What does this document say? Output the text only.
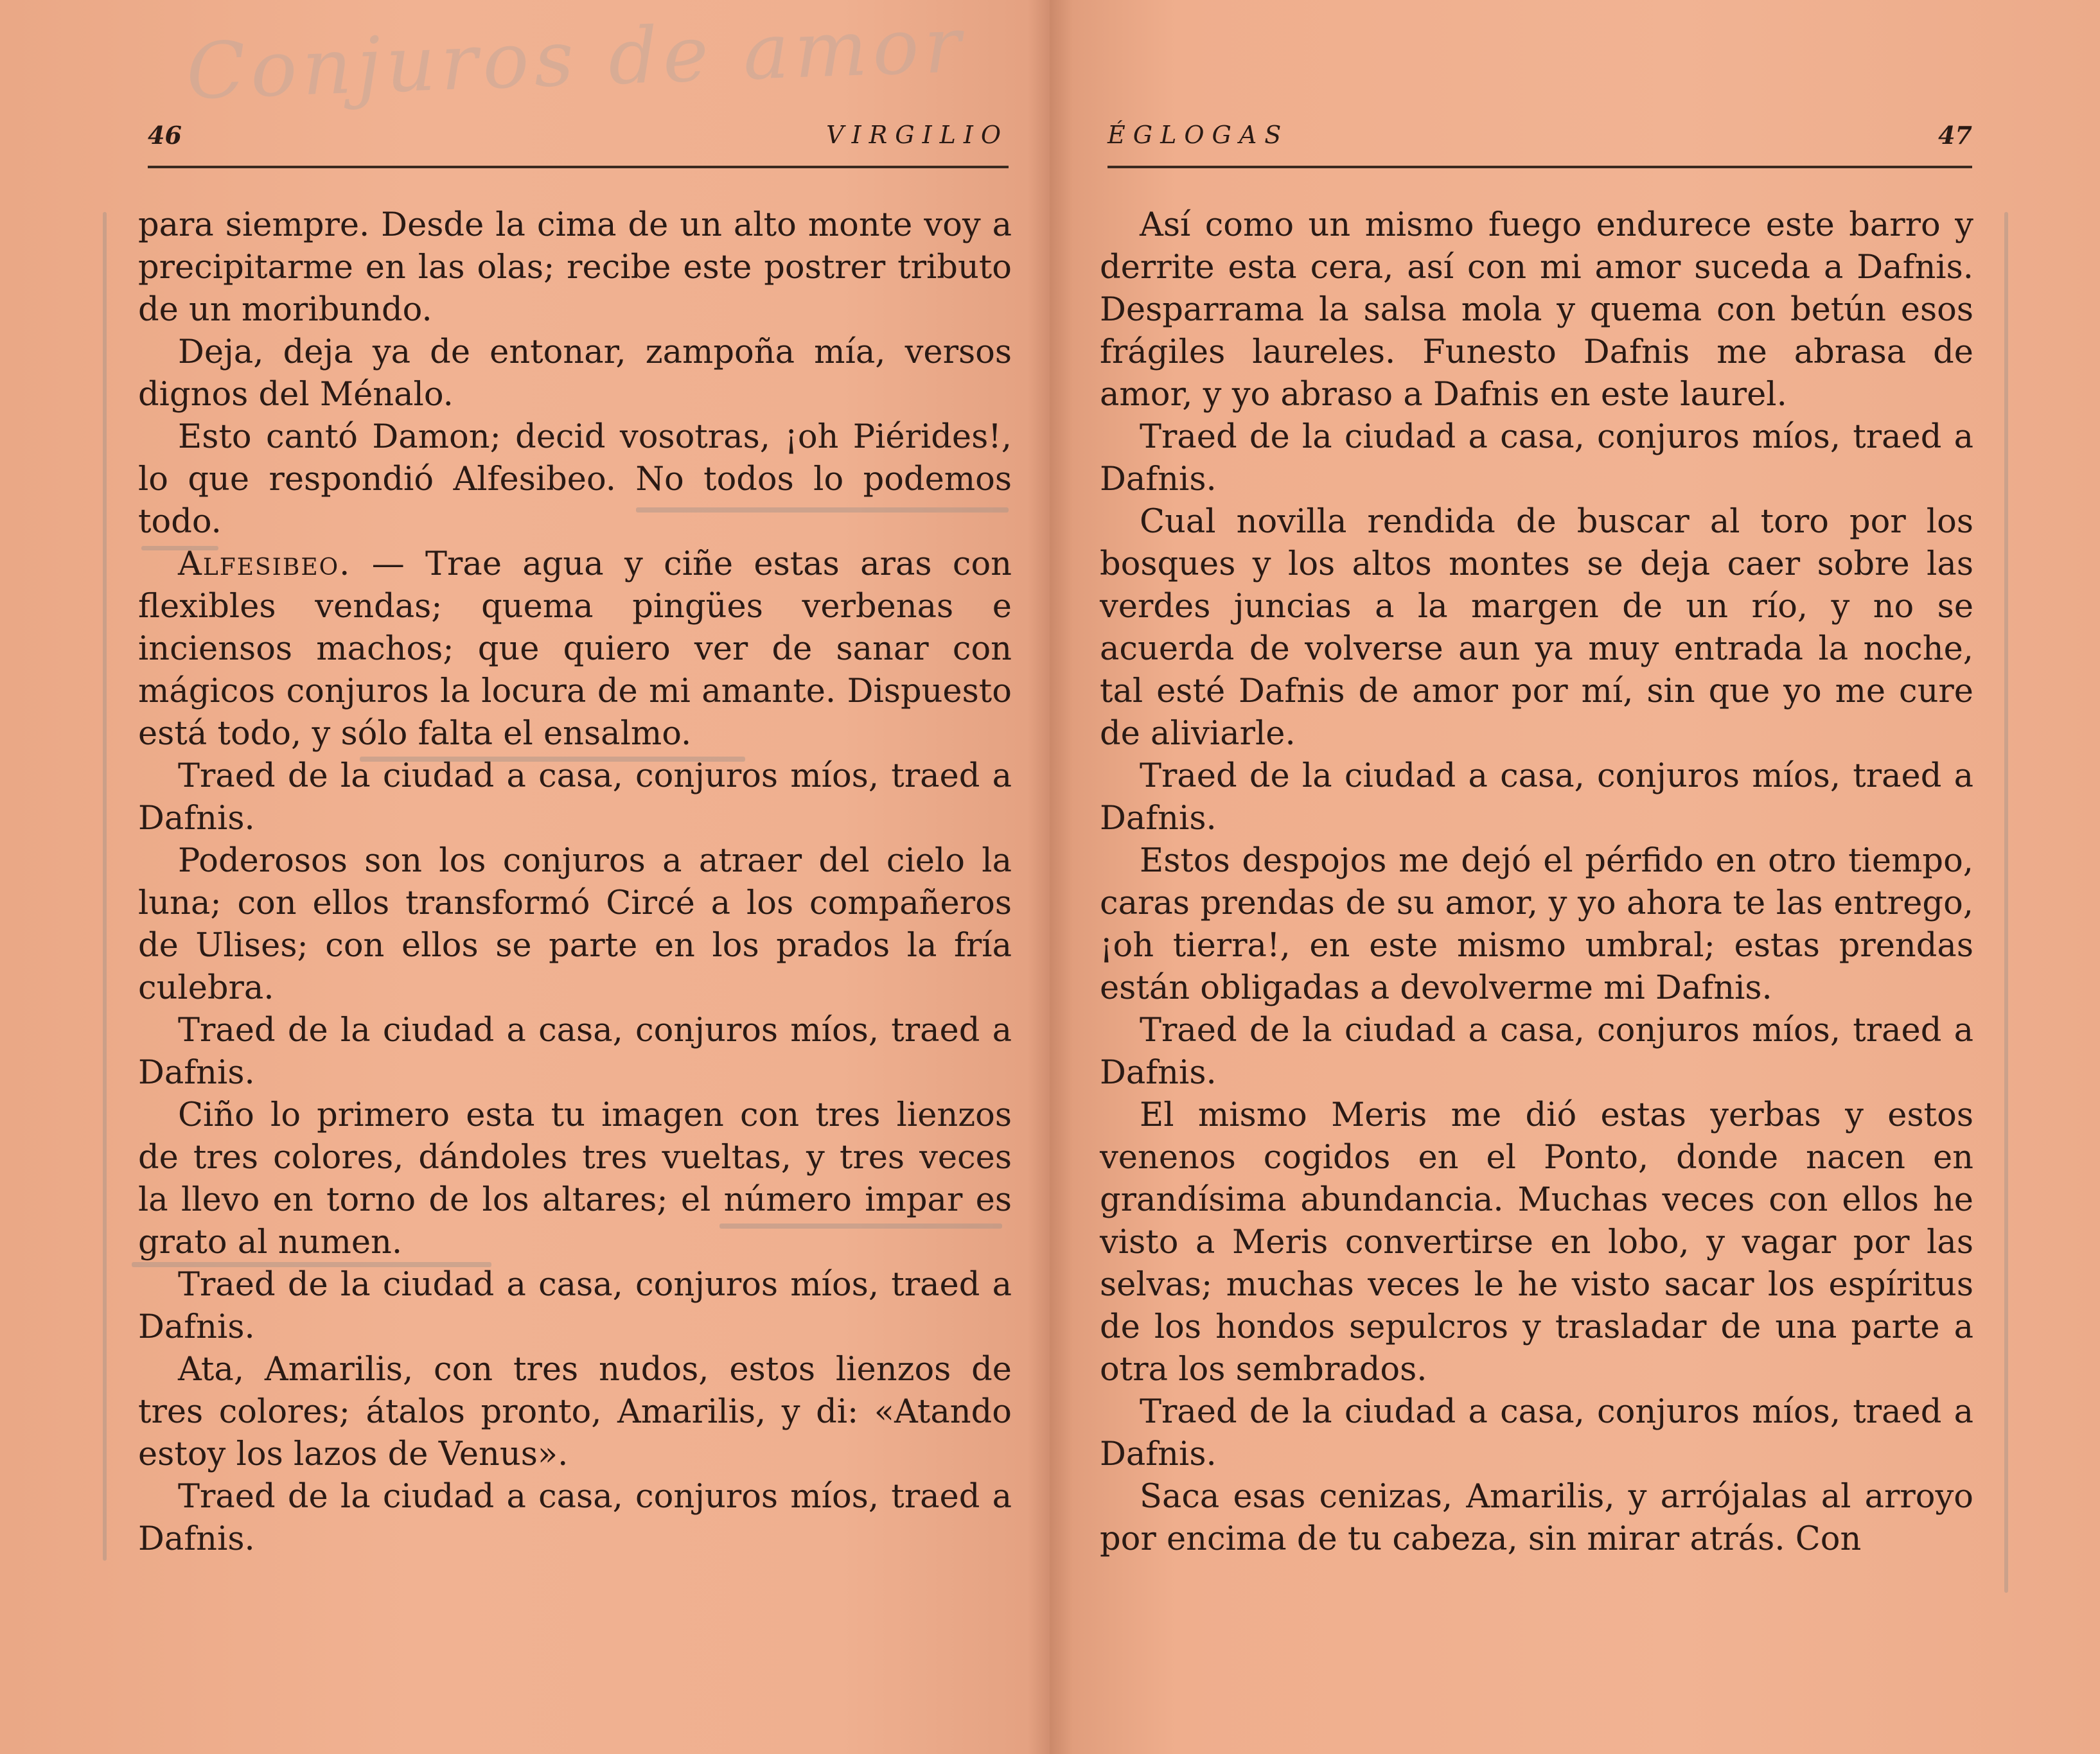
Conjuros de amor
46	VIRGILIO	ÉGLOGAS	47

para siempre. Desde la cima de un alto monte voy a precipitarme en las olas; recibe este postrer tributo de un moribundo.

Deja, deja ya de entonar, zampoña mía, versos dignos del Ménalo.

Esto cantó Damon; decid vosotras, ¡oh Piérides!, lo que respondió Alfesibeo. No todos lo podemos todo.

Alfesibeo. — Trae agua y ciñe estas aras con flexibles vendas; quema pingües verbenas e inciensos machos; que quiero ver de sanar con mágicos conjuros la locura de mi amante. Dispuesto está todo, y sólo falta el ensalmo.

Traed de la ciudad a casa, conjuros míos, traed a Dafnis.

Poderosos son los conjuros a atraer del cielo la luna; con ellos transformó Circé a los compañeros de Ulises; con ellos se parte en los prados la fría culebra.

Traed de la ciudad a casa, conjuros míos, traed a Dafnis.

Ciño lo primero esta tu imagen con tres lienzos de tres colores, dándoles tres vueltas, y tres veces la llevo en torno de los altares; el número impar es grato al numen.

Traed de la ciudad a casa, conjuros míos, traed a Dafnis.

Ata, Amarilis, con tres nudos, estos lienzos de tres colores; átalos pronto, Amarilis, y di: «Atando estoy los lazos de Venus».

Traed de la ciudad a casa, conjuros míos, traed a Dafnis.

Así como un mismo fuego endurece este barro y derrite esta cera, así con mi amor suceda a Dafnis. Desparrama la salsa mola y quema con betún esos frágiles laureles. Funesto Dafnis me abrasa de amor, y yo abraso a Dafnis en este laurel.

Traed de la ciudad a casa, conjuros míos, traed a Dafnis.

Cual novilla rendida de buscar al toro por los bosques y los altos montes se deja caer sobre las verdes juncias a la margen de un río, y no se acuerda de volverse aun ya muy entrada la noche, tal esté Dafnis de amor por mí, sin que yo me cure de aliviarle.

Traed de la ciudad a casa, conjuros míos, traed a Dafnis.

Estos despojos me dejó el pérfido en otro tiempo, caras prendas de su amor, y yo ahora te las entrego, ¡oh tierra!, en este mismo umbral; estas prendas están obligadas a devolverme mi Dafnis.

Traed de la ciudad a casa, conjuros míos, traed a Dafnis.

El mismo Meris me dió estas yerbas y estos venenos cogidos en el Ponto, donde nacen en grandísima abundancia. Muchas veces con ellos he visto a Meris convertirse en lobo, y vagar por las selvas; muchas veces le he visto sacar los espíritus de los hondos sepulcros y trasladar de una parte a otra los sembrados.

Traed de la ciudad a casa, conjuros míos, traed a Dafnis.

Saca esas cenizas, Amarilis, y arrójalas al arroyo por encima de tu cabeza, sin mirar atrás. Con
